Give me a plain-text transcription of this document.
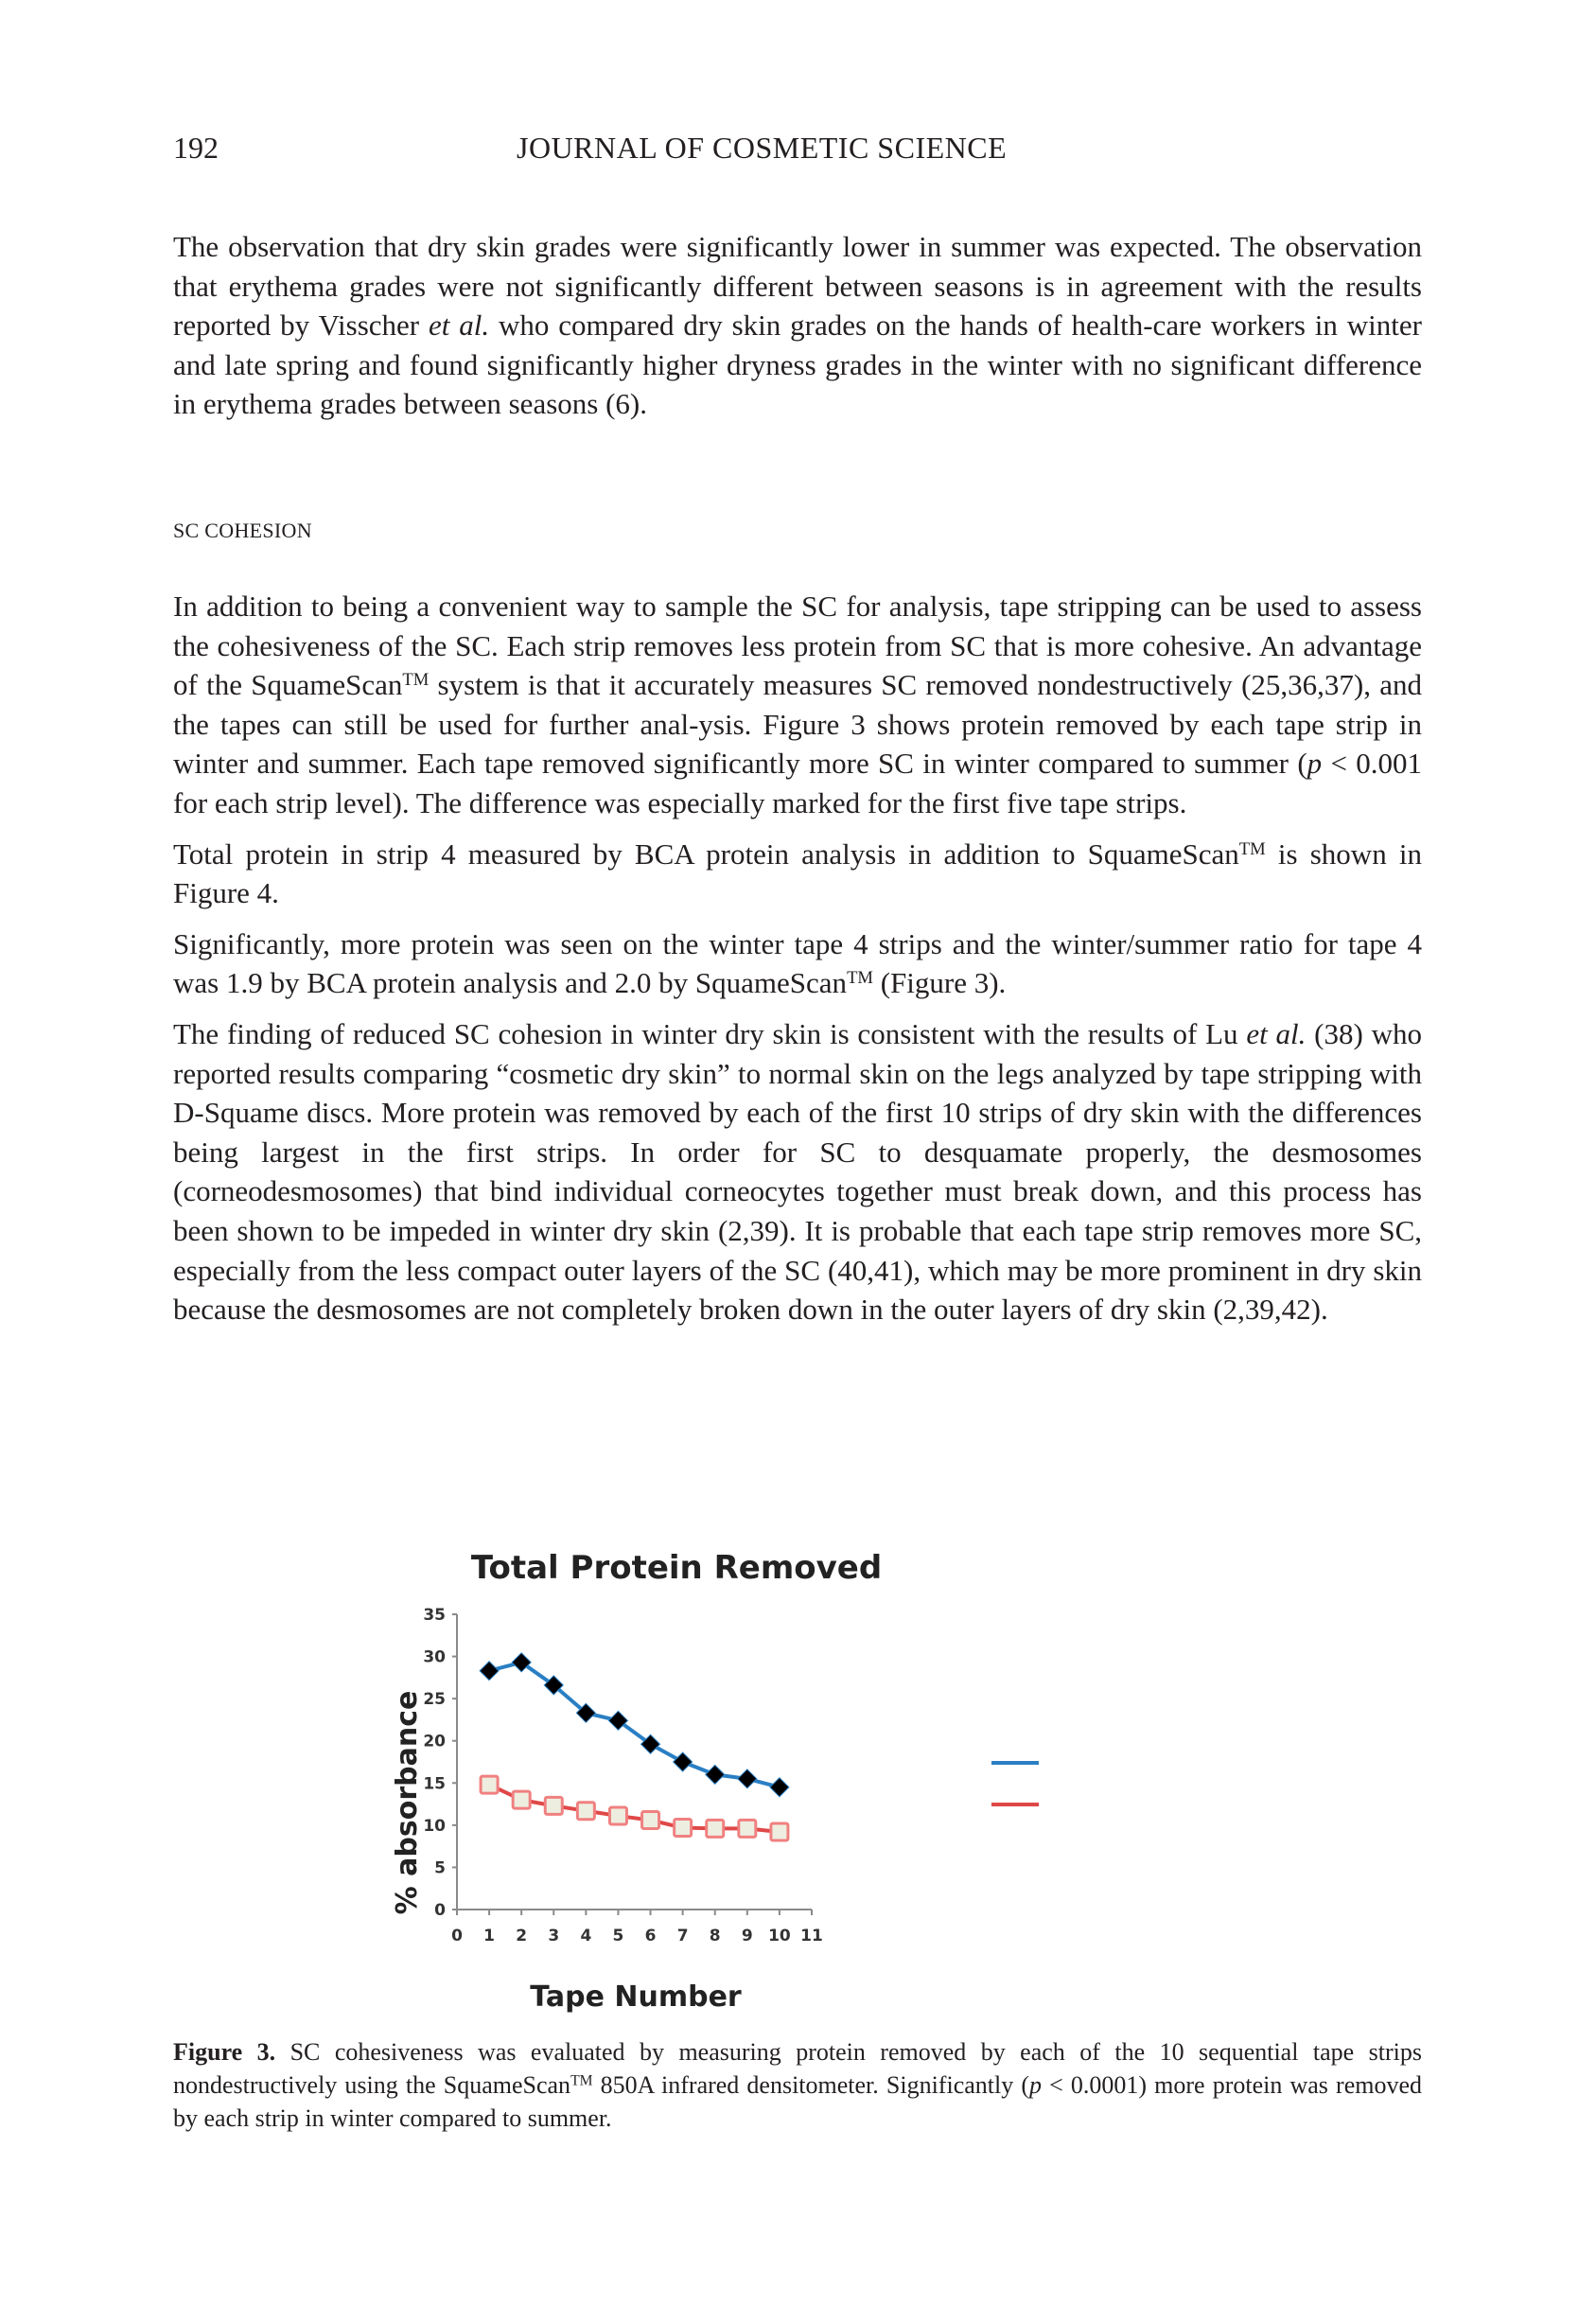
192	JOURNAL OF COSMETIC SCIENCE

The observation that dry skin grades were significantly lower in summer was expected. The observation that erythema grades were not significantly different between seasons is in agreement with the results reported by Visscher et al. who compared dry skin grades on the hands of health-care workers in winter and late spring and found significantly higher dryness grades in the winter with no significant difference in erythema grades between seasons (6).

SC COHESION

In addition to being a convenient way to sample the SC for analysis, tape stripping can be used to assess the cohesiveness of the SC. Each strip removes less protein from SC that is more cohesive. An advantage of the SquameScan™ system is that it accurately measures SC removed nondestructively (25,36,37), and the tapes can still be used for further anal-ysis. Figure 3 shows protein removed by each tape strip in winter and summer. Each tape removed significantly more SC in winter compared to summer (p < 0.001 for each strip level). The difference was especially marked for the first five tape strips.

Total protein in strip 4 measured by BCA protein analysis in addition to SquameScan™ is shown in Figure 4.

Significantly, more protein was seen on the winter tape 4 strips and the winter/summer ratio for tape 4 was 1.9 by BCA protein analysis and 2.0 by SquameScan™ (Figure 3).

The finding of reduced SC cohesion in winter dry skin is consistent with the results of Lu et al. (38) who reported results comparing “cosmetic dry skin” to normal skin on the legs analyzed by tape stripping with D-Squame discs. More protein was removed by each of the first 10 strips of dry skin with the differences being largest in the first strips. In order for SC to desquamate properly, the desmosomes (corneodesmosomes) that bind individual corneocytes together must break down, and this process has been shown to be impeded in winter dry skin (2,39). It is probable that each tape strip removes more SC, especially from the less compact outer layers of the SC (40,41), which may be more prominent in dry skin because the desmosomes are not completely broken down in the outer layers of dry skin (2,39,42).

Total Protein Removed
% absorbance
Tape Number
0
5
10
15
20
25
30
35
0 1 2 3 4 5 6 7 8 9 10 11
Figure 3. SC cohesiveness was evaluated by measuring protein removed by each of the 10 sequential tape strips nondestructively using the SquameScan™ 850A infrared densitometer. Significantly (p < 0.0001) more protein was removed by each strip in winter compared to summer.
